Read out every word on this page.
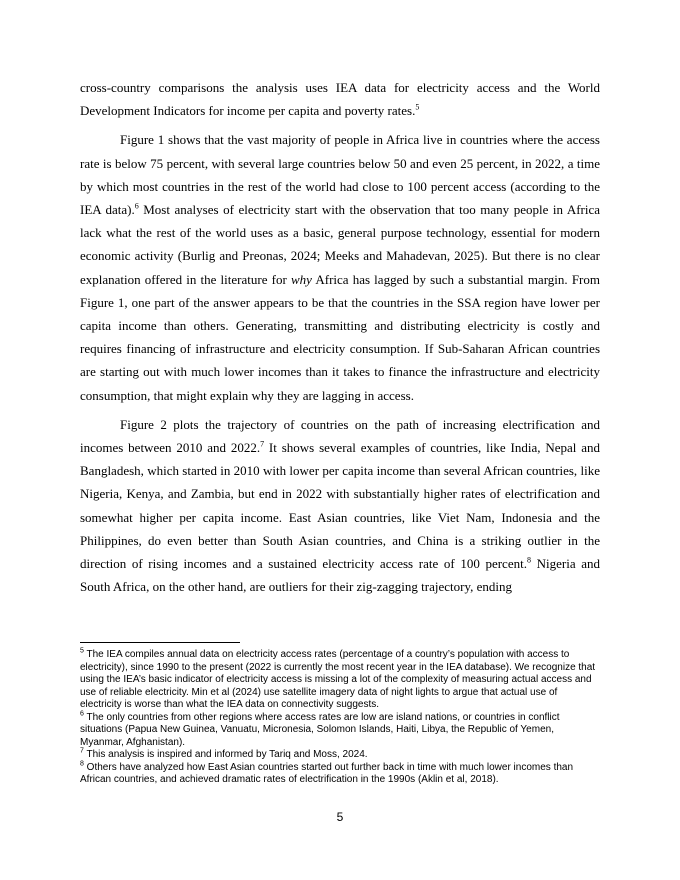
cross-country comparisons the analysis uses IEA data for electricity access and the World Development Indicators for income per capita and poverty rates.$^5$

Figure 1 shows that the vast majority of people in Africa live in countries where the access rate is below 75 percent, with several large countries below 50 and even 25 percent, in 2022, a time by which most countries in the rest of the world had close to 100 percent access (according to the IEA data).$^6$ Most analyses of electricity start with the observation that too many people in Africa lack what the rest of the world uses as a basic, general purpose technology, essential for modern economic activity (Burlig and Preonas, 2024; Meeks and Mahadevan, 2025). But there is no clear explanation offered in the literature for why Africa has lagged by such a substantial margin. From Figure 1, one part of the answer appears to be that the countries in the SSA region have lower per capita income than others. Generating, transmitting and distributing electricity is costly and requires financing of infrastructure and electricity consumption. If Sub-Saharan African countries are starting out with much lower incomes than it takes to finance the infrastructure and electricity consumption, that might explain why they are lagging in access.

Figure 2 plots the trajectory of countries on the path of increasing electrification and incomes between 2010 and 2022.$^7$ It shows several examples of countries, like India, Nepal and Bangladesh, which started in 2010 with lower per capita income than several African countries, like Nigeria, Kenya, and Zambia, but end in 2022 with substantially higher rates of electrification and somewhat higher per capita income. East Asian countries, like Viet Nam, Indonesia and the Philippines, do even better than South Asian countries, and China is a striking outlier in the direction of rising incomes and a sustained electricity access rate of 100 percent.$^8$ Nigeria and South Africa, on the other hand, are outliers for their zig-zagging trajectory, ending

$^5$ The IEA compiles annual data on electricity access rates (percentage of a country’s population with access to electricity), since 1990 to the present (2022 is currently the most recent year in the IEA database). We recognize that using the IEA’s basic indicator of electricity access is missing a lot of the complexity of measuring actual access and use of reliable electricity. Min et al (2024) use satellite imagery data of night lights to argue that actual use of electricity is worse than what the IEA data on connectivity suggests.

$^6$ The only countries from other regions where access rates are low are island nations, or countries in conflict situations (Papua New Guinea, Vanuatu, Micronesia, Solomon Islands, Haiti, Libya, the Republic of Yemen, Myanmar, Afghanistan).

$^7$ This analysis is inspired and informed by Tariq and Moss, 2024.

$^8$ Others have analyzed how East Asian countries started out further back in time with much lower incomes than African countries, and achieved dramatic rates of electrification in the 1990s (Aklin et al, 2018).

5
